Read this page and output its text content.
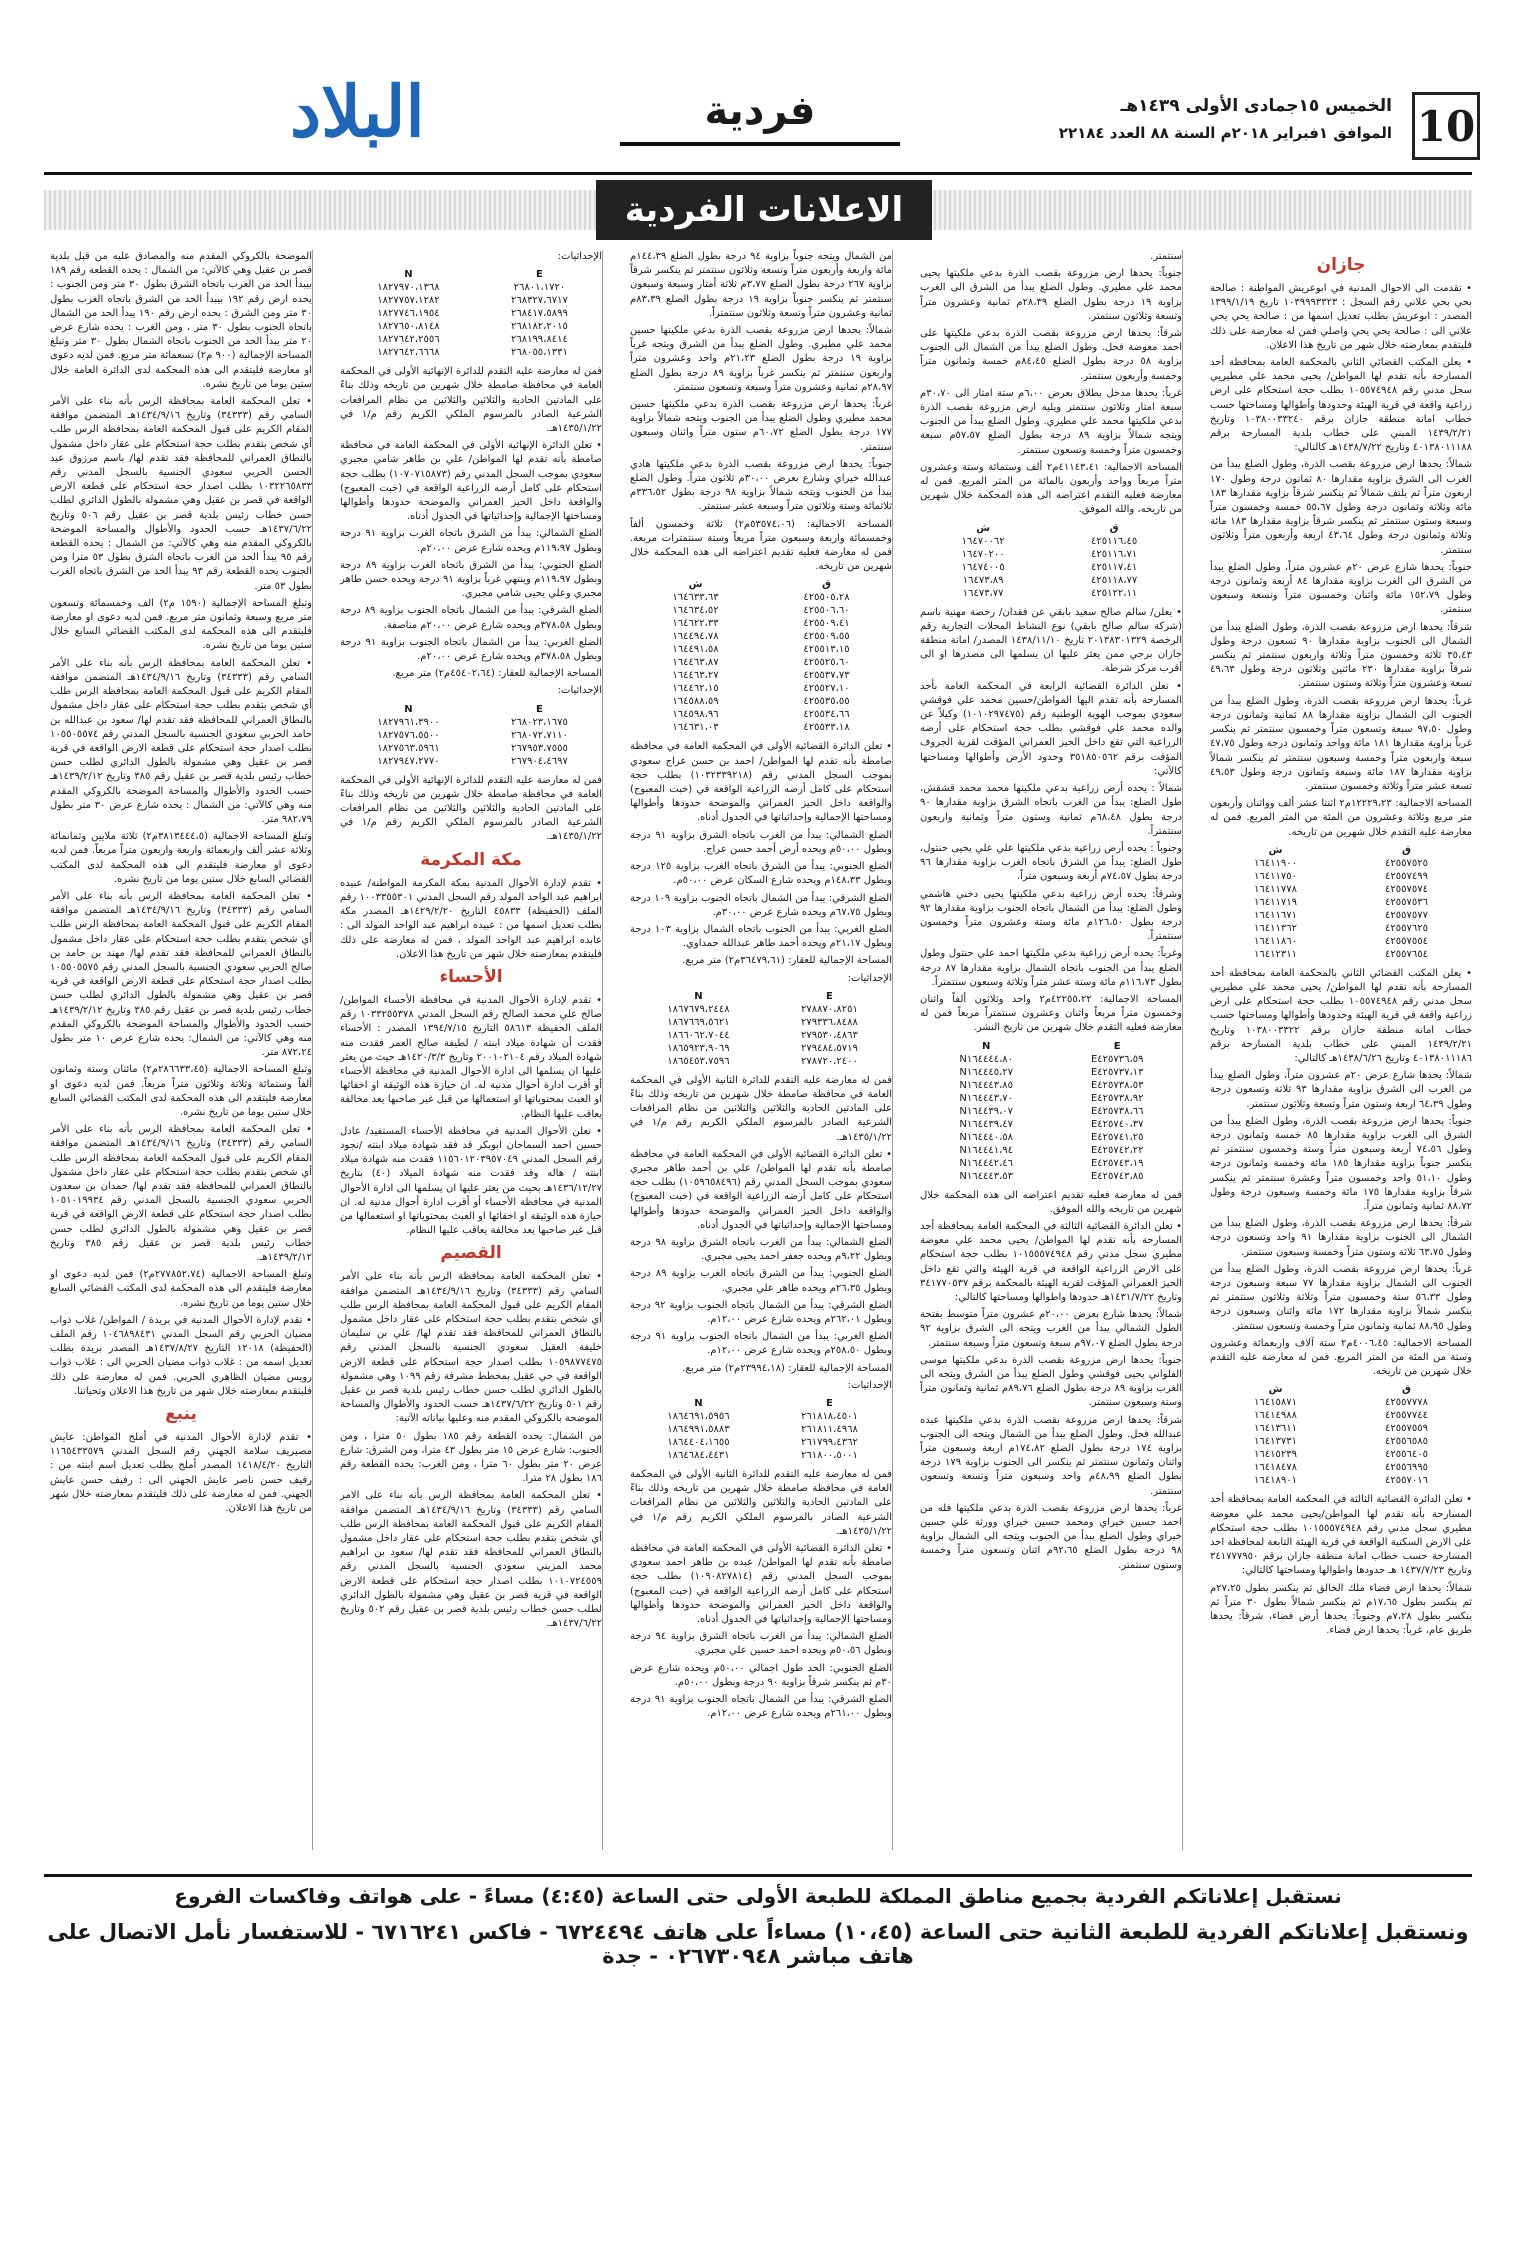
10
الخميس ١٥جمادى الأولى ١٤٣٩هـ
الموافق ١فبراير ٢٠١٨م السنة ٨٨ العدد ٢٢١٨٤
فردية
البلاد
الاعلانات الفردية
جازان
• تقدمت الى الاحوال المدنية في ابوعريش المواطنة : صالحة بحي بحي علاني رقم السجل : ١٠٣٩٩٩٣٣٢٣ تاريخ ١٣٩٩/١/١٩ المصدر : ابوعريش بطلب تعديل اسمها من : صالحة يحي يحي علاني الى : صالحة يحي يحي واصلي فمن له معارضة على ذلك فليتقدم بمعارضته خلال شهر من تاريخ هذا الاعلان.
• يعلن المكتب القضائي الثاني بالمحكمة العامة بمحافظة أحد المسارحة بأنه تقدم لها المواطن/ يحيى محمد علي مطيريي سجل مدني رقم ١٠٥٥٧٤٩٤٨ بطلب حجة استحكام على ارض زراعية واقعة في قرية الهيئة وحدودها وأطوالها ومساحتها حسب خطاب امانة منطقة جازان برقم ١٠٣٨٠٠٣٣٢٤٠ وتاريخ ١٤٣٩/٢/٢١ المبني على خطاب بلدية المسارحة برقم ٤٠١٣٨٠١١١٨٨ وتاريخ ١٤٣٨/٧/٢٢هـ كالتالي:
شمالاً: يحدها ارض مزروعة بقصب الذرة، وطول الضلع يبدأ من الغرب الى الشرق بزاوية مقدارها ٨٠ ثمانون درجة وطول ١٧٠ اربعون متراً ثم يلتف شمالاً ثم ينكسر شرقاً بزاوية مقدارها ١٨٣ مائة وثلاثة وثمانون درجة وطول ٥٥،٦٧ خمسة وخمسون متراً وسبعة وستون سنتمتر ثم ينكسر شرقاً بزاوية مقدارها ١٨٣ مائة وثلاثة وثمانون درجة وطول ٤٣،٦٤ اربعة وأربعون متراً وثلاثون سنتمتر.
جنوباً: يحدها شارع عرض ٢٠م عشرون متراً، وطول الضلع يبدأ من الشرق الى الغرب بزاوية مقدارها ٨٤ أربعة وثمانون درجة وطول ١٥٢،٧٩ مائة واثنان وخمسون متراً وتسعة وسبعون سنتمتر.
شرقاً: يحدها ارض مزروعة بقصب الذرة، وطول الضلع يبدأ من الشمال الى الجنوب بزاوية مقدارها ٩٠ تسعون درجة وطول ٣٥،٤٣ ثلاثة وخمسون متراً وثلاثة واربعون سنتمتر ثم ينكسر شرقاً بزاوية مقدارها ٢٣٠ مائتين وثلاثون درجة وطول ٤٩،٦٣ تسعة وعشرون متراً وثلاثة وستون سنتمتر.
غرباً: يحدها ارض مزروعة بقصب الذرة، وطول الضلع يبدأ من الجنوب الى الشمال بزاوية مقدارها ٨٨ ثمانية وثمانون درجة وطول ٩٧،٥٠ سبعة وتسعون متراً وخمسون سنتمتر ثم ينكسر غرباً بزاوية مقدارها ١٨١ مائة وواحد وثمانون درجة وطول ٤٧،٧٥ سبعة واربعون متراً وخمسة وسبعون سنتمتر ثم ينكسر شمالاً بزاوية مقدارها ١٨٧ مائة وسبعة وثمانون درجة وطول ٤٩،٥٣ تسعة عشر متراً وثلاثة وخمسون سنتمتر.
المساحة الاجمالية: ١٢٢٢٩،٢٣م٢ اثنتا عشر ألف وواثنان وأربعون متر مربع وثلاثة وعشرون من المئة من المتر المربع. فمن له معارضة عليه التقدم خلال شهرين من تاريخه.
ش	ق
١٦٤١١٩٠٠	٤٢٥٥٧٥٢٥
١٦٤١١٧٥٠	٤٢٥٥٧٤٩٩
١٦٤١١٧٧٨	٤٢٥٥٧٥٧٤
١٦٤١١٧١٩	٤٢٥٥٧٥٣٦
١٦٤١١٦٧١	٤٢٥٥٧٥٧٧
١٦٤١١٣٦٢	٤٢٥٥٧٦٢٥
١٦٤١١٨٦٠	٤٢٥٥٧٥٥٤
١٦٤١٢٣١١	٤٢٥٥٧٦٥٤
• يعلن المكتب القضائي الثاني بالمحكمة العامة بمحافظة أحد المسارحة بأنه تقدم لها المواطن/ يحيى محمد علي مطيريي سجل مدني رقم ١٠٥٥٧٤٩٤٨ بطلب حجة استحكام على ارض زراعية واقعة في قرية الهيئة وحدودها وأطوالها ومساحتها حسب خطاب امانة منطقة جازان برقم ١٠٣٨٠٠٣٣٢٢ وتاريخ ١٤٣٩/٢/٢١ المبني على خطاب بلدية المسارحة برقم ٤٠١٣٨٠١١١٨٦ وتاريخ ١٤٣٨/٦/٢٦هـ كالتالي:
شمالاً: يحدها شارع عرض ٢٠م عشرون متراً، وطول الضلع يبدأ من الغرب الى الشرق بزاوية مقدارها ٩٣ ثلاثة وتسعون درجة وطول ٦٤،٣٩ اربعة وستون متراً وتسعة وثلاثون سنتمتر.
جنوباً: يحدها ارض مزروعة بقصب الذرة، وطول الضلع يبدأ من الشرق الى الغرب بزاوية مقدارها ٨٥ خمسة وثمانون درجة وطول ٧٤،٥٦ أربعة وسبعون متراً وستة وخمسون سنتمتر ثم ينكسر جنوباً بزاوية مقدارها ١٨٥ مائة وخمسة وثمانون درجة وطول ٥١،١٠ واحد وخمسون متراً وعشرة سنتمتر ثم ينكسر شرقاً بزاوية مقدارها ١٧٥ مائة وخمسة وسبعون درجة وطول ٨٨،٧٢ ثمانية وثمانون متراً.
شرقاً: يحدها ارض مزروعة بقصب الذرة، وطول الضلع يبدأ من الشمال الى الجنوب بزاوية مقدارها ٩١ واحد وتسعون درجة وطول ٦٣،٧٥ ثلاثة وستون متراً وخمسة وسبعون سنتمتر.
غرباً: يحدها ارض مزروعة بقصب الذرة، وطول الضلع يبدأ من الجنوب الى الشمال بزاوية مقدارها ٧٧ سبعة وسبعون درجة وطول ٥٦،٣٣ ستة وخمسون متراً وثلاثة وثلاثون سنتمتر ثم ينكسر شمالاً بزاوية مقدارها ١٧٢ مائة واثنان وسبعون درجة وطول ٨٨،٩٥ ثمانية وثمانون متراً وخمسة وتسعون سنتمتر.
المساحة الاجمالية: ٤٠٠٦،٤٥م٢ ستة آلاف واربعمائة وعشرون وستة من المئة من المتر المربع. فمن له معارضة عليه التقدم خلال شهرين من تاريخه.
ش	ق
١٦٤١٥٨٧١	٤٢٥٥٧٧٧٨
١٦٤١٤٩٨٨	٤٢٥٥٧٧٤٤
١٦٤١٣٦١١	٤٢٥٥٧٥٥٩
١٦٤١٣٧٣١	٤٢٥٥٦٥٨٥
١٦٤١٥٢٣٩	٤٢٥٥٦٤٠٥
١٦٤١٨٤٧٨	٤٢٥٥٦٩٩٥
١٦٤١٨٩٠١	٤٢٥٥٧٠١٦
• تعلن الدائرة القضائية الثالثة في المحكمة العامة بمحافظة أحد المسارحة بأنه تقدم لها المواطن/يحيى محمد علي معوضة مطيري سجل مدني رقم ١٠١٥٥٥٧٤٩٤٨ بطلب حجة استحكام على الارض السكنية الواقعة في قرية الهيئة التابعة لمحافظة احد المسارحة حسب خطاب امانة منطقة جازان برقم ٣٤١٧٧٧٩٥٠ وتاريخ ١٤٣٧/٧/٢٣ هـ حدودها واطوالها ومساحتها كالتالي:
شمالاً: يحدها ارض فضاء ملك الخالق ثم ينكسر بطول ٢٧،٢٥م ثم ينكسر بطول ١٧،٦٥م ثم ينكسر شمالاً بطول ٣٠ متراً ثم ينكسر بطول ٧،٢٨م وجنوباً: يحدها أرض فضاء، شرقاً: يحدها طريق عام، غرباً: يحدها ارض فضاء.
سنتمتر.
جنوباً: يحدها ارض مزروعة بقصب الذرة بدعي ملكيتها يحيى محمد علي مطيري. وطول الضلع يبدأ من الشرق الى الغرب بزاوية ١٩ درجة بطول الضلع ٢٨،٣٩م ثمانية وعشرون متراً وتسعة وثلاثون سنتمتر.
شرقاً: يحدها ارض مزروعة بقصب الذرة بدعي ملكيتها على احمد معوضة فحل. وطول الضلع يبدأ من الشمال الى الجنوب بزاوية ٥٨ درجة بطول الضلع ٨٤،٤٥م خمسة وثمانون متراً وخمسة وأربعون سنتمتر.
غرباً: يحدها مدخل بطلاق بعرض ٦،٠٠م ستة امتار الى ٣٠،٧٠م سبعة امتار وثلاثون سنتمتر ويليه ارض مزروعة بقصب الذرة بدعي ملكيتها محمد علي مطيري. وطول الضلع يبدأ من الجنوب ويتجه شمالاً بزاوية ٨٩ درجة بطول الضلع ٥٧،٥٧م سبعة وخمسون متراً وخمسة وتسعون سنتمتر.
المساحة الاجمالية: ٤١١٤٣،٤١م٢ ألف وستمائة وستة وعشرون متراً مربعاً وواحد وأربعون بالمائة من المتر المربع. فمن له معارضة فعليه التقدم اعتراضه الى هذه المحكمة خلال شهرين من تاريخه، والله الموفق.
ش	ق
١٦٤٧٠٠٦٢	٤٢٥١١٦،٤٥
١٦٤٧٠٢٠٠	٤٢٥١١٦،٧١
١٦٤٧٤٠٠٥	٤٢٥١١٧،٤١
١٦٤٧٣،٨٩	٤٢٥١١٨،٧٧
١٦٤٧٣،٧٧	٤٢٥١٢٢،١١
• يعلن/ سالم صالح سعيد بابقي عن فقدان/ رخصة مهنية باسم (شركة سالم صالح بابقي) نوع النشاط المحلات التجارية رقم الرخصة ٢٠١٣٨٣٠١٣٢٩ تاريخ ١٤٣٨/١١/١٠ المصدر/ امانة منطقة جازان برجي ممن يعثر عليها ان يسلمها الى مصدرها او الى أقرب مركز شرطة.
• تعلن الدائرة القضائية الرابعة في المحكمة العامة بأحد المسارحة بأنه تقدم اليها المواطن/حسين محمد علي فوقشي سعودي بموجب الهوية الوطنية رقم (١٠١٠٢٩٧٤٧٥) وكيلاً عن والده محمد علي فوقشي بطلب حجة استحكام على أرضه الزراعية التي تقع داخل الحيز العمراني المؤقت لقرية الجروف المؤقت برقم ٣٥١٨٥٠٥٦٢ وحدود الأرض وأطوالها ومساحتها كالآتي:
شمالاً : يحده أرض زراعية بدعي ملكيتها محمد محمد قشقش، طول الضلع: يبدأ من الغرب باتجاه الشرق بزاوية مقدارها ٩٠ درجة بطول ٦٨،٤٨م ثمانية وستون متراً وثمانية واربعون سنتمتراً.
وجنوباً : يحده أرض زراعية بدعي ملكيتها علي علي يحيى حنتول، طول الضلع: يبدأ من الشرق باتجاه الغرب بزاوية مقدارها ٩٦ درجة بطول ٧٤،٥٧م أربعة وسبعون متراً.
وشرقاً: يحده أرض زراعية بدعي ملكيتها يحيى دخني هاشمي وطول الضلع: يبدأ من الشمال باتجاه الجنوب بزاوية مقدارها ٩٢ درجة بطول ١٢٦،٥٠م مائة وستة وعشرون متراً وخمسون سنتمتراً.
وغرباً: يحده أرض زراعية بدعي ملكيتها احمد علي حنتول وطول الضلع يبدأ من الجنوب باتجاه الشمال بزاوية مقدارها ٨٧ درجة بطول ١١٦،٧٣م مائة وستة عشر متراً وثلاثة وسبعون سنتمتراً.
المساحة الاجمالية: ٤٢٢٥٥،٢٢م٢ واحد وثلاثون ألفاً واثنان وخمسون متراً مربعاً واثنان وعشرون سنتمتراً مربعاً فمن له معارضة فعليه التقدم خلال شهرين من تاريخ النشر.
N	E
N١٦٤٤٤٤،٨٠	E٤٢٥٧٣٦،٥٩
N١٦٤٤٤٥،٢٧	E٤٢٥٧٣٧،١٣
N١٦٤٤٤٣،٨٥	E٤٢٥٧٣٨،٥٣
N١٦٤٤٤٣،٧٠	E٤٢٥٧٣٨،٩٢
N١٦٤٤٣٩،٠٧	E٤٢٥٧٣٨،٦٦
N١٦٤٤٣٩،٤٧	E٤٢٥٧٤٠،٣٧
N١٦٤٤٤٠،٥٨	E٤٢٥٧٤١،٢٥
N١٦٤٤٤١،٩٤	E٤٢٥٧٤٢،٢٢
N١٦٤٤٤٢،٤٦	E٤٢٥٧٤٣،١٩
N١٦٤٤٤٣،٥٣	E٤٢٥٧٤٣،٨٥
فمن له معارضة فعليه تقديم اعتراضه الى هذه المحكمة خلال شهرين من تاريخه والله الموفق.
• تعلن الدائرة القضائية الثالثة في المحكمة العامة بمحافظة أحد المسارحة بأنه تقدم لها المواطن/ يحيى محمد علي معوضة مطيري سجل مدني رقم ١٠١٥٥٥٧٤٩٤٨ بطلب حجة استحكام على الارض الزراعية الواقعة في قرية الهيئة والتي تقع داخل الحيز العمراني المؤقت لقرية الهيئة بالمحكمة برقم ٣٤١٧٧٠٥٣٧ وتاريخ ١٤٣١/٧/٢٢هـ حدودها واطوالها ومساحتها كالتالي:
شمالاً: يحدها شارع بعرض ٢٠،٠٠م عشرون متراً متوسط بفتحة الطول الشمالي يبدأ من الغرب ويتجه الى الشرق بزاوية ٩٢ درجة بطول الضلع ٩٧،٠٧م سبعة وتسعون متراً وسبعة سنتمتر.
جنوباً: يحدها ارض مزروعة بقصب الذرة بدعي ملكيتها موسى الفلواني يحيى فوقشي وطول الضلع يبدأ من الشرق ويتجه الى الغرب بزاوية ٨٩ درجة بطول الضلع ٨٩،٧٦م ثمانية وثمانون متراً وستة وسبعون سنتمتر.
شرقاً: يحدها ارض مزروعة بقصب الذرة بدعي ملكيتها عبده عبدالله فحل. وطول الضلع يبدأ من الشمال ويتجه الى الجنوب بزاوية ١٧٤ درجة بطول الضلع ١٧٤،٨٢م اربعة وسبعون متراً واثنان وثمانون سنتمتر ثم ينكسر الى الجنوب بزاوية ١٧٩ درجة بطول الضلع ٤٨،٩٩م واحد وسبعون متراً وتسعة وتسعون سنتمتر.
غرباً: يحدها ارض مزروعة بقصب الذرة بدعي ملكيتها فله من احمد حسين خيراي ومحمد حسين خيراي وورثة علي حسين خيراي وطول الضلع يبدأ من الجنوب ويتجه الى الشمال بزاوية ٩٨ درجة بطول الضلع ٩٢،٦٥م اثنان وتسعون متراً وخمسة وستون سنتمتر.
من الشمال ويتجه جنوباً بزاوية ٩٤ درجة بطول الضلع ١٤٤،٣٩م مائة واربعة وأربعون متراً وتسعة وثلاثون سنتمتر ثم ينكسر شرقاً بزاوية ٢٦٧ درجة بطول الضلع ٣،٧٧م ثلاثة أمتار وسبعة وسبعون سنتمتر ثم ينكسر جنوباً بزاوية ١٩ درجة بطول الضلع ٨٣،٣٩م ثمانية وعشرون متراً وتسعة وثلاثون سنتمتراً.
شمالاً: يحدها ارض مزروعة بقصب الذرة بدعي ملكيتها حسين محمد علي مطيري. وطول الضلع يبدأ من الشرق ويتجه غرباً بزاوية ١٩ درجة بطول الضلع ٢١،٢٣م واحد وعشرون متراً واربعون سنتمتر ثم ينكسر غرباً بزاوية ٨٩ درجة بطول الضلع ٢٨،٩٧م ثمانية وعشرون متراً وسبعة وتسعون سنتمتر.
غرباً: يحدها ارض مزروعة بقصب الذرة بدعي ملكيتها حسين محمد مطيري وطول الضلع يبدأ من الجنوب ويتجه شمالاً بزاوية ١٧٧ درجة بطول الضلع ٦٠،٧٢م ستون متراً واثنان وسبعون سنتمتر.
جنوباً: يحدها ارض مزروعة بقصب الذرة بدعي ملكيتها هادي عبدالله خيراي وشارع بعرض ٣٠،٠٠م ثلاثون متراً. وطول الضلع يبدأ من الجنوب ويتجه شمالاً بزاوية ٩٨ درجة بطول ٣٣٦،٥٢م ثلاثمائة وستة وثلاثون متراً وسبعة عشر سنتمتر.
المساحة الاجمالية: (٥٣٥٧٤،٠٦م٢) ثلاثة وخمسون ألفاً وخمسمائة واربعة وسبعون متراً مربعاً وستة سنتمترات مربعة. فمن له معارضة فعليه تقديم اعتراضه الى هذه المحكمة خلال شهرين من تاريخه.
ش	ق
١٦٤٦٣٣،٦٣	٤٢٥٥٠٥،٢٨
١٦٤٦٣٤،٥٢	٤٢٥٥٠٦،٦٠
١٦٤٦٢٢،٣٣	٤٢٥٥٠٩،٤١
١٦٤٤٩٤،٧٨	٤٢٥٥٠٩،٥٥
١٦٤٤٩١،٥٨	٤٢٥٥١٣،١٥
١٦٤٤٦٣،٨٧	٤٢٥٥٢٥،٦٠
١٦٤٤٦٣،٢٧	٤٢٥٥٣٧،٧٣
١٦٤٤٦٢،١٥	٤٢٥٥٢٧،١٠
١٦٤٥٨٨،٥٩	٤٢٥٥٣٥،٥٥
١٦٤٥٩٨،٩٦	٤٢٥٥٣٤،٦٦
١٦٤٦٣١،٠٣	٤٢٥٥٣٣،١٨
• تعلن الدائرة القضائية الأولى في المحكمة العامة في محافظة صامطة بأنه تقدم لها المواطن/ احمد بن حسن عراج سعودي بموجب السجل المدني رقم (١٠٣٢٣٣٩٢١٨) بطلب حجة استحكام على كامل أرضه الزراعية الواقعة في (خبت المعبوج) والواقعة داخل الحيز العمراني والموضحة حدودها وأطوالها ومساحتها الإجمالية وإحداثياتها في الجدول أدناه.
الضلع الشمالي: يبدأ من الغرب باتجاه الشرق بزاوية ٩١ درجة وبطول ٥٠،٠٠م ويحده أرض أحمد حسن عراج.
الضلع الجنوبي: يبدأ من الشرق باتجاه الغرب بزاوية ١٢٥ درجة وبطول ١٤٨،٣٣م ويحده شارع السكان عرض ٥٠،٠٠م.
الضلع الشرقي: يبدأ من الشمال باتجاه الجنوب بزاوية ١٠٩ درجة وبطول ٦٧،٧٥م ويحده شارع عرض ٣٠،٠٠م.
الضلع الغربي: يبدأ من الجنوب باتجاه الشمال بزاوية ١٠٣ درجة وبطول ٢١،١٧م ويحده أحمد طاهر عبدالله حمداوي.
المساحة الإجمالية للعقار: (٣٦٤٧٩،٦١م٢) متر مربع.
الإحداثيات:
N	E
١٨٦٧٦٧٩،٢٤٤٨	٢٧٨٨٧٠،٨٢٥١
١٨٦٧٦٦٩،٥٦٢١	٢٧٩٣٣٦،٨٤٨٨
١٨٦٦٠٦٢،٧٠٤٤	٢٧٩٥٣٠،٤٨٦٣
١٨٦٥٩٢٣،٩٠٦٩	٢٧٩٤٨٤،٥٧١٩
١٨٦٥٤٥٣،٧٥٩٦	٢٧٨٧٢٠،٢٤٠٠
فمن له معارضة عليه التقدم للدائرة الثانية الأولى في المحكمة العامة في محافظة صامطة خلال شهرين من تاريخه وذلك بناءً على المادتين الحادية والثلاثين والثلاثين من نظام المرافعات الشرعية الصادر بالمرسوم الملكي الكريم رقم م/١ في ١٤٣٥/١/٢٢هـ.
• تعلن الدائرة القضائية الأولى في المحكمة العامة في محافظة صامطة بأنه تقدم لها المواطن/ علي بن أحمد طاهر مجبري سعودي بموجب السجل المدني رقم (١٠٥٩٦٥٨٤٩٦) بطلب حجة استحكام على كامل أرضه الزراعية الواقعة في (خبت المعبوج) والواقعة داخل الحيز العمراني والموضحة حدودها وأطوالها ومساحتها الإجمالية وإحداثياتها في الجدول أدناه.
الضلع الشمالي: يبدأ من الغرب باتجاه الشرق بزاوية ٩٨ درجة وبطول ٩،٢٢م ويحده جعفر احمد يحيى مجبري.
الضلع الجنوبي: يبدأ من الشرق باتجاه الغرب بزاوية ٨٩ درجة وبطول ٢٦،٣٥م ويحده طاهر علي مجبري.
الضلع الشرقي: يبدأ من الشمال باتجاه الجنوب بزاوية ٩٢ درجة وبطول ٢٦٢،٠١م ويحده شارع عرض ١٢،٠٠م.
الضلع الغربي: يبدأ من الشمال باتجاه الجنوب بزاوية ٩١ درجة وبطول ٢٥٨،٥٠م ويحده شارع عرض ١٢،٠٠م.
المساحة الإجمالية للعقار: (٢٣٩٩٤،١٨م٢) متر مربع.
الإحداثيات:
N	E
١٨٦٤٦٩١،٥٩٥٦	٢٦١٨١٨،٤٥٠١
١٨٦٤٩٩١،٥٨٨٣	٢٦١٨١١،٤٩٦٨
١٨٦٤٤٠٤،١٦٥٥	٢٦١٧٩٩،٤٣٦٢
١٨٦٤٦٨٤،٤٤٣١	٢٦١٨٠٠،٥٠٠١
فمن له معارضة عليه التقدم للدائرة الثانية الأولى في المحكمة العامة في محافظة صامطة خلال شهرين من تاريخه وذلك بناءً على المادتين الحادية والثلاثين والثلاثين من نظام المرافعات الشرعية الصادر بالمرسوم الملكي الكريم رقم م/١ في ١٤٣٥/١/٢٢هـ.
• تعلن الدائرة القضائية الأولى في المحكمة العامة في محافظة صامطة بأنه تقدم لها المواطن/ عبده بن طاهر احمد سعودي بموجب السجل المدني رقم (١٠٩٠٨٢٧٨١٤) بطلب حجة استحكام على كامل أرضه الزراعية الواقعة في (خبت المعبوج) والواقعة داخل الحيز العمراني والموضحة حدودها وأطوالها ومساحتها الإجمالية وإحداثياتها في الجدول أدناه.
الضلع الشمالي: يبدأ من الغرب باتجاه الشرق بزاوية ٩٤ درجة وبطول ٥٠،٥٦م ويحده احمد حسين علي مجبري.
الضلع الجنوبي: الحد طول اجمالي ٥٠،٠٠م ويحده شارع عرض ٣٠م ثم ينكسر شرقاً بزاوية ٩٠ درجة وبطول ٥٠،٠٠م.
الضلع الشرقي: يبدأ من الشمال باتجاه الجنوب بزاوية ٩١ درجة وبطول ٢٦١،٠٠م ويحده شارع عرض ١٢،٠٠م.
الإحداثيات:
N	E
١٨٢٧٩٧٠،١٣٦٨	٢٦٨٠١،١٧٢٠
١٨٢٧٧٥٧،١٢٨٢	٢٦٨٣٢٧،٦٧١٧
١٨٢٧٧٤٦،١٩٥٤	٢٦٨٤١٧،٥٨٩٩
١٨٢٧٦٥٠،٨١٤٨	٢٦٨١٨٢،٢٠١٥
١٨٢٧٦٤٢،٢٥٥٦	٢٦٨١٩٩،٨٤١٤
١٨٢٧٦٤٢،٦٦٦٨	٢٦٨٠٥٥،١٣٣١
فمن له معارضة عليه التقدم للدائرة الإنهائية الأولى في المحكمة العامة في محافظة صامطة خلال شهرين من تاريخه وذلك بناءً على المادتين الحادية والثلاثين والثلاثين من نظام المرافعات الشرعية الصادر بالمرسوم الملكي الكريم رقم م/١ في ١٤٣٥/١/٢٢هـ.
• تعلن الدائرة الإنهائية الأولى في المحكمة العامة في محافظة صامطة بأنه تقدم لها المواطن/ علي بن طاهر شامي مجبري سعودي بموجب السجل المدني رقم (١٠٧٠٧١٥٨٧٣) بطلب حجة استحكام على كامل أرضه الزراعية الواقعة في (خبت المعبوج) والواقعة داخل الحيز العمراني والموضحة حدودها وأطوالها ومساحتها الإجمالية وإحداثياتها في الجدول أدناه.
الضلع الشمالي: يبدأ من الشرق باتجاه الغرب بزاوية ٩١ درجة وبطول ١١٩،٩٧م ويحده شارع عرض ٢٠،٠٠م.
الضلع الجنوبي: يبدأ من الشرق باتجاه الغرب بزاوية ٨٩ درجة وبطول ١١٩،٩٧م وينتهي غرباً بزاوية ٩١ درجة ويحده حسن طاهر مجبري وعلي يحيى شامي مجبري.
الضلع الشرقي: يبدأ من الشمال باتجاه الجنوب بزاوية ٨٩ درجة وبطول ٣٧٨،٥٨م ويحده شارع عرض ٢٠،٠٠م مناصفة.
الضلع الغربي: يبدأ من الشمال باتجاه الجنوب بزاوية ٩١ درجة وبطول ٣٧٨،٥٨م ويحده شارع عرض ٢٠،٠٠م.
المساحة الإجمالية للعقار: (٤٥٤٠٢،٦٤م٢) متر مربع.
الإحداثيات:
N	E
١٨٢٧٩٦١،٣٩٠٠	٢٦٨٠٢٣،١٦٧٥
١٨٢٧٥٧٦،٥٥٠٠	٢٦٨٠٧٢،٧١١٠
١٨٢٧٥٦٣،٥٩٦١	٢٦٧٩٥٣،٧٥٥٥
١٨٢٧٩٤٧،٢٧٧٠	٢٦٧٩٠٤،٤٦٩٧
فمن له معارضة عليه التقدم للدائرة الإنهائية الأولى في المحكمة العامة في محافظة صامطة خلال شهرين من تاريخه وذلك بناءً على المادتين الحادية والثلاثين والثلاثين من نظام المرافعات الشرعية الصادر بالمرسوم الملكي الكريم رقم م/١ في ١٤٣٥/١/٢٢هـ.
مكة المكرمة
• تقدم لإدارة الأحوال المدنية بمكة المكرمة المواطنة/ عبيده ابراهيم عبد الواحد المولد رقم السجل المدني ١٠٠٣٣٥٥٣٠١ رقم الملف (الحفيظة) ٤٥٨٣٣ التاريخ ١٤٢٩/٢/٢٠هـ المصدر مكة بطلب تعديل اسمها من : عبيده ابراهيم عبد الواحد المولد الى : عابده ابراهيم عبد الواحد المولد ، فمن له معارضة على ذلك فليتقدم بمعارضته خلال شهر من تاريخ هذا الاعلان.
الأحساء
• تقدم لإدارة الأحوال المدنية في محافظة الأحساء المواطن/ صالح علي محمد الصالح رقم السجل المدني ١٠٣٣٢٥٥٣٧٨ رقم الملف الحفيظة ٥٨٦١٣ التاريخ ١٣٩٤/٧/١٥ المصدر : الأحساء فقدت أن شهادة ميلاد ابنته / لطيفة صالح العمر فقدت منه شهادة الميلاد رقم ٢٠٠١٠٢١٠٤ وتاريخ ١٤٢٠/٣/٣هـ حيث من يعثر عليها ان يسلمها الى ادارة الأحوال المدنية في محافظة الأحساء أو أقرب ادارة أحوال مدنية له. ان حيازة هذه الوثيقة او اخفائها او العبث بمحتوياتها او استعمالها من قبل غير صاحبها يعد مخالفة يعاقب عليها النظام.
• تعلن الأحوال المدنية في محافظة الأحساء المستفيد/ عادل حسين احمد السماحان ابوبكر قد فقد شهادة ميلاد ابنته /نجود رقم السجل المدني ١١٥٦٠١٢٠٣٩٥٧٠٤٩ فقدت منه شهادة ميلاد ابنته / هاله وقد فقدت منه شهادة الميلاد (٤٠) بتاريخ ١٤٣٦/١٢/٢٧هـ بحيث من يعثر عليها ان يسلمها الى ادارة الأحوال المدنية في محافظة الأحساء أو أقرب ادارة أحوال مدنية له. ان حيازة هذه الوثيقة او اخفائها او العبث بمحتوياتها او استعمالها من قبل غير صاحبها يعد مخالفة يعاقب عليها النظام.
القصيم
• تعلن المحكمة العامة بمحافظة الرس بأنه بناء على الأمر السامي رقم (٣٤٣٣٣) وتاريخ ١٤٣٤/٩/١٦هـ المتضمن موافقة المقام الكريم على قبول المحكمة العامة بمحافظة الرس طلب أي شخص بتقدم بطلب حجة استحكام على عقار داخل مشمول بالنطاق العمراني للمحافظة فقد تقدم لها/ علي بن سليمان خليفة العقيل سعودي الجنسية بالسجل المدني رقم ١٠٥٩٨٧٧٤٧٥ بطلب اصدار حجة استحكام على قطعة الارض الواقعة في حي عقيل بمخطط مشرفة رقم ١٠٩٩ وهي مشمولة بالطول الدائري لطلب حسن خطاب رئيس بلدية قصر بن عقيل رقم ٥٠١ وتاريخ ١٤٣٧/٦/٢٢هـ حسب الحدود والأطوال والمساحة الموضحة بالكروكي المقدم منه وعليها بياناته الآتية:
من الشمال: يحده القطعة رقم ١٨٥ بطول ٥٠ مترا ، ومن الجنوب: شارع عرض ١٥ متر بطول ٤٣ مترا، ومن الشرق: شارع عرض ٢٠ متر بطول ٦٠ مترا ، ومن الغرب: يحده القطعة رقم ١٨٦ بطول ٢٨ مترا.
• تعلن المحكمة العامة بمحافظة الرس بأنه بناء على الامر السامي رقم (٣٤٣٣٣) وتاريخ ١٤٣٤/٩/١٦هـ المتضمن موافقة المقام الكريم على قبول المحكمة العامة بمحافظة الرس طلب أي شخص بتقدم بطلب حجة استحكام على عقار داخل مشمول بالنطاق العمراني للمحافظة فقد تقدم لها/ سعود بن ابراهيم محمد المزيني سعودي الجنسية بالسجل المدني رقم ١٠١٠٧٢٤٥٥٩ بطلب اصدار حجة استحكام على قطعة الارض الواقعة في قرية قصر بن عقيل وهي مشمولة بالطول الدائري لطلب حسن خطاب رئيس بلدية قصر بن عقيل رقم ٥٠٢ وتاريخ ١٤٣٧/٦/٢٢هـ.
الموضحة بالكروكي المقدم منه والمصادق عليه من قبل بلدية قصر بن عقيل وهي كالآتي: من الشمال : يحده القطعة رقم ١٨٩ بيبدأ الحد من الغرب باتجاه الشرق بطول ٣٠ متر ومن الجنوب : يحده ارض رقم ١٩٢ بيبدأ الحد من الشرق باتجاه الغرب بطول ٣٠ متر ومن الشرق : يحده ارض رقم ١٩٠ يبدأ الحد من الشمال باتجاه الجنوب بطول ٣٠ متر ، ومن الغرب : يحده شارع عرض ٢٠ متر يبدأ الحد من الجنوب باتجاه الشمال بطول ٣٠ متر وتبلغ المساحة الإجمالية (٩٠٠ م٢) تسعمائة متر مربع. فمن لديه دعوى او معارضة فليتقدم الى هذه المحكمة لدى الدائرة العامة خلال ستين يوما من تاريخ نشره.
• تعلن المحكمة العامة بمحافظة الرس بأنه بناء على الأمر السامي رقم (٣٤٣٣٣) وتاريخ ١٤٣٤/٩/١٦هـ المتضمن موافقة المقام الكريم على قبول المحكمة العامة بمحافظة الرس طلب أي شخص بتقدم بطلب حجة استحكام على عقار داخل مشمول بالنطاق العمراني للمحافظة فقد تقدم لها/ باسم مرزوق عيد الحسن الحربي سعودي الجنسية بالسجل المدني رقم ١٠٣٢٢٦٥٨٣٣ بطلب اصدار حجة استحكام على قطعة الارض الواقعة في قصر بن عقيل وهي مشمولة بالطول الدائري لطلب حسن خطاب رئيس بلدية قصر بن عقيل رقم ٥٠٦ وتاريخ ١٤٣٧/٦/٢٢هـ حسب الحدود والأطوال والمساحة الموضحة بالكروكي المقدم منه وهي كالآتي: من الشمال : يحده القطعة رقم ٩٥ يبدأ الحد من الغرب باتجاه الشرق بطول ٥٣ مترا ومن الجنوب يحده القطعة رقم ٩٣ يبدأ الحد من الشرق باتجاه الغرب بطول ٥٣ متر.
وتبلغ المساحة الإجمالية (١٥٩٠ م٢) الف وخمسمائة وتسعون متر مربع وسبعة وثمانون متر مربع. فمن لديه دعوى او معارضة فليتقدم الى هذه المحكمة لدى المكتب القضائي السابع خلال ستين يوما من تاريخ نشره.
• تعلن المحكمة العامة بمحافظة الرس بأنه بناء على الأمر السامي رقم (٣٤٣٣٣) وتاريخ ١٤٣٤/٩/١٦هـ المتضمن موافقة المقام الكريم على قبول المحكمة العامة بمحافظة الرس طلب أي شخص بتقدم بطلب حجة استحكام على عقار داخل مشمول بالنطاق العمراني للمحافظة فقد تقدم لها/ سعود بن عبدالله بن حامد الحربي سعودي الجنسية بالسجل المدني رقم ١٠٥٥٠٥٥٧٤ بطلب اصدار حجة استحكام على قطعة الارض الواقعة في قرية قصر بن عقيل وهي مشمولة بالطول الدائري لطلب حسن خطاب رئيس بلدية قصر بن عقيل رقم ٣٨٥ وتاريخ ١٤٣٩/٢/١٢هـ حسب الحدود والأطوال والمساحة الموضحة بالكروكي المقدم منه وهي كالآتي: من الشمال : يحده شارع عرض ٣٠ متر بطول ٩٨٢،٧٩ متر.
وتبلغ المساحة الاجمالية (٣٨١٣٤٤٤،٥م٢) ثلاثة ملايين وثمانمائة وثلاثة عشر ألف واربعمائة واربعة واربعون متراً مربعاً. فمن لديه دعوى او معارضة فليتقدم الى هذه المحكمة لدى المكتب القضائي السابع خلال ستين يوما من تاريخ نشره.
• تعلن المحكمة العامة بمحافظة الرس بأنه بناء على الأمر السامي رقم (٣٤٣٣٣) وتاريخ ١٤٣٤/٩/١٦هـ المتضمن موافقة المقام الكريم على قبول المحكمة العامة بمحافظة الرس طلب أي شخص بتقدم بطلب حجة استحكام على عقار داخل مشمول بالنطاق العمراني للمحافظة فقد تقدم لها/ مهند بن حامد بن صالح الحربي سعودي الجنسية بالسجل المدني رقم ١٠٥٥٠٥٥٧٥ بطلب اصدار حجة استحكام على قطعة الارض الواقعة في قرية قصر بن عقيل وهي مشمولة بالطول الدائري لطلب حسن خطاب رئيس بلدية قصر بن عقيل رقم ٣٨٥ وتاريخ ١٤٣٩/٢/١٢هـ حسب الحدود والأطوال والمساحة الموضحة بالكروكي المقدم منه وهي كالآتي: من الشمال: يحده شارع عرض ١٠ متر بطول ٨٧٢،٢٤ متر.
وتبلغ المساحة الاجمالية (٢٨٦٦٣٣،٤٥م٢) مائتان وستة وثمانون ألفاً وستمائة وثلاثة وثلاثون متراً مربعاً. فمن لديه دعوى او معارضة فليتقدم الى هذه المحكمة لدى المكتب القضائي السابع خلال ستين يوما من تاريخ نشره.
• تعلن المحكمة العامة بمحافظة الرس بأنه بناء على الأمر السامي رقم (٣٤٣٣٣) وتاريخ ١٤٣٤/٩/١٦هـ المتضمن موافقة المقام الكريم على قبول المحكمة العامة بمحافظة الرس طلب أي شخص بتقدم بطلب حجة استحكام على عقار داخل مشمول بالنطاق العمراني للمحافظة فقد تقدم لها/ حمدان بن سعدون الحربي سعودي الجنسية بالسجل المدني رقم ١٠٥١٠١٩٩٣٤ بطلب اصدار حجة استحكام على قطعة الارض الواقعة في قرية قصر بن عقيل وهي مشمولة بالطول الدائري لطلب حسن خطاب رئيس بلدية قصر بن عقيل رقم ٣٨٥ وتاريخ ١٤٣٩/٢/١٢هـ.
وتبلغ المساحة الاجمالية (٢٧٧٨٥٢،٧٤م٢) فمن لديه دعوى او معارضة فليتقدم الى هذه المحكمة لدى المكتب القضائي السابع خلال ستين يوما من تاريخ نشره.
• تقدم لإدارة الأحوال المدنية في بريدة / المواطن/ غلاب ذواب مضيان الحربي رقم السجل المدني ١٠٤٦٨٩٨٤٣١ رقم الملف (الحفيظة) ١٢٠١٨ التاريخ ١٤٣٧/٨/٢٧هـ المصدر بريدة بطلب تعديل اسمه من : غلاب ذواب مضيان الحربي الى : غلاب ذواب رويس مضيان الظاهري الحربي. فمن له معارضة على ذلك فليتقدم بمعارضته خلال شهر من تاريخ هذا الاعلان وتحياتنا.
ينبع
• تقدم لإدارة الأحوال المدنية في أملج المواطن: عايش مصيريف سلامة الجهني رقم السجل المدني ١١٦٥٤٣٣٥٧٩ التاريخ ١٤١٨/٤/٢٠ المصدر أملج بطلب تعديل اسم ابنته من : رفيف حسن ناصر عايش الجهني الى : رفيف حسن عايش الجهني. فمن له معارضة على ذلك فليتقدم بمعارضته خلال شهر من تاريخ هذا الاعلان.
نستقبل إعلاناتكم الفردية بجميع مناطق المملكة للطبعة الأولى حتى الساعة (٤:٤٥) مساءً - على هواتف وفاكسات الفروع
ونستقبل إعلاناتكم الفردية للطبعة الثانية حتى الساعة (١٠،٤٥) مساءاً على هاتف ٦٧٢٤٤٩٤ - فاكس ٦٧١٦٢٤١ - للاستفسار نأمل الاتصال على هاتف مباشر ٠٢٦٧٣٠٩٤٨ - جدة
